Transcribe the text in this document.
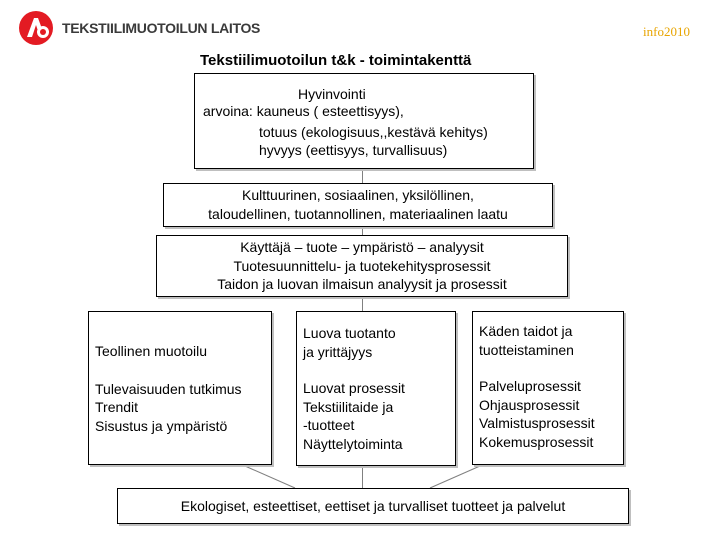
TEKSTIILIMUOTOILUN LAITOS	info2010
Tekstiilimuotoilun t&k - toimintakenttä
Hyvinvointi
arvoina: kauneus ( esteettisyys),
totuus (ekologisuus,,kestävä kehitys)
hyvyys (eettisyys, turvallisuus)
Kulttuurinen, sosiaalinen, yksilöllinen,
taloudellinen, tuotannollinen, materiaalinen laatu
Käyttäjä – tuote – ympäristö – analyysit
Tuotesuunnittelu- ja tuotekehitysprosessit
Taidon ja luovan ilmaisun analyysit ja prosessit
Teollinen muotoilu
Tulevaisuuden tutkimus
Trendit
Sisustus ja ympäristö
Luova tuotanto
ja yrittäjyys
Luovat prosessit
Tekstiilitaide ja
-tuotteet
Näyttelytoiminta
Käden taidot ja
tuotteistaminen
Palveluprosessit
Ohjausprosessit
Valmistusprosessit
Kokemusprosessit
Ekologiset, esteettiset, eettiset ja turvalliset tuotteet ja palvelut
